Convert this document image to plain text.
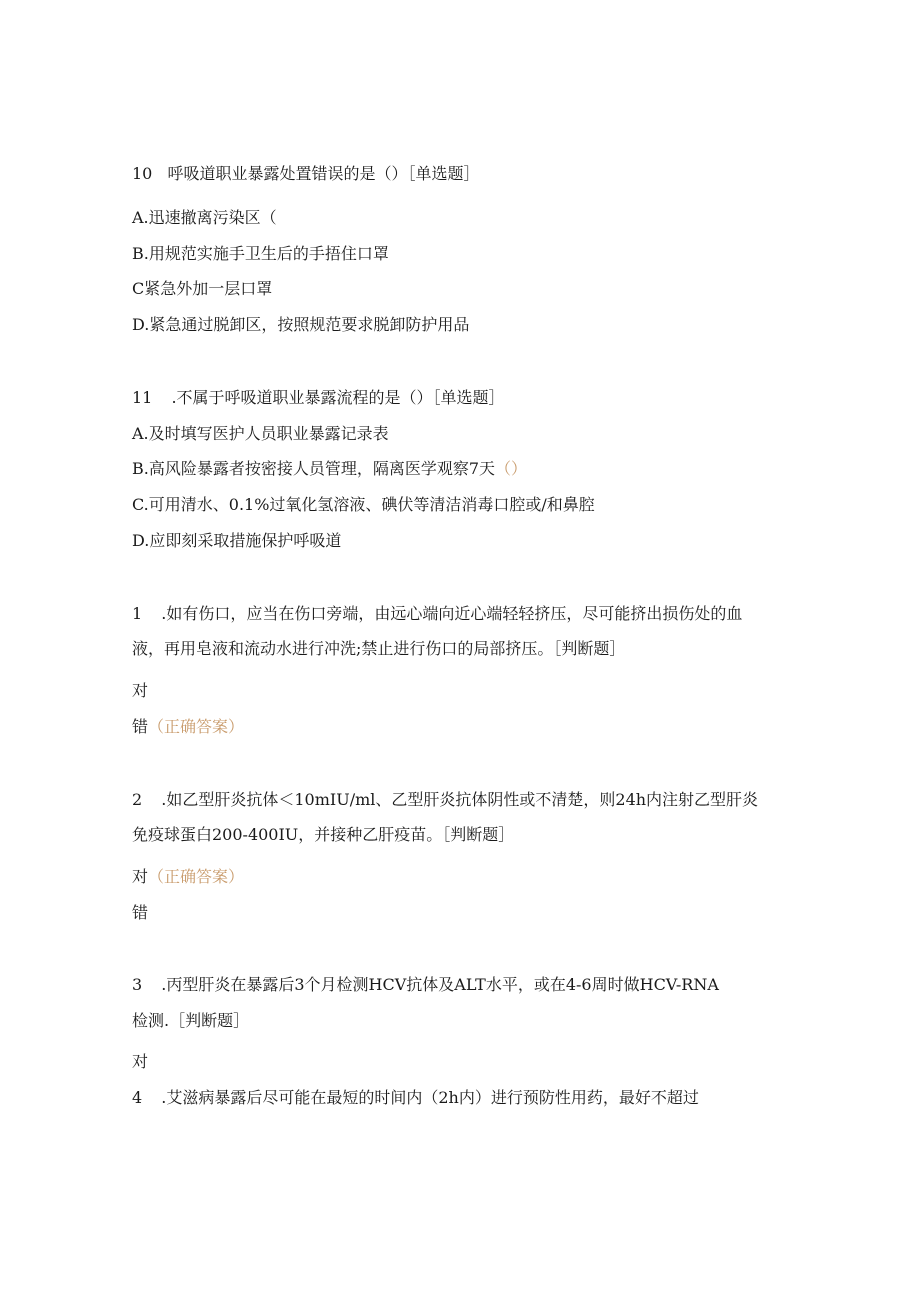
10 呼吸道职业暴露处置错误的是（）［单选题］
A.迅速撤离污染区（
B.用规范实施手卫生后的手捂住口罩
C紧急外加一层口罩
D.紧急通过脱卸区，按照规范要求脱卸防护用品
11 .不属于呼吸道职业暴露流程的是（）［单选题］
A.及时填写医护人员职业暴露记录表
B.高风险暴露者按密接人员管理，隔离医学观察7天（）
C.可用清水、0.1%过氧化氢溶液、碘伏等清洁消毒口腔或/和鼻腔
D.应即刻采取措施保护呼吸道
1 .如有伤口，应当在伤口旁端，由远心端向近心端轻轻挤压，尽可能挤出损伤处的血
液，再用皂液和流动水进行冲洗;禁止进行伤口的局部挤压。［判断题］
对
错（正确答案）
2 .如乙型肝炎抗体＜10mIU∕ml、乙型肝炎抗体阴性或不清楚，则24h内注射乙型肝炎
免疫球蛋白200-400IU，并接种乙肝疫苗。［判断题］
对（正确答案）
错
3 .丙型肝炎在暴露后3个月检测HCV抗体及ALT水平，或在4-6周时做HCV-RNA
检测.［判断题］
对
4 .艾滋病暴露后尽可能在最短的时间内（2h内）进行预防性用药，最好不超过
